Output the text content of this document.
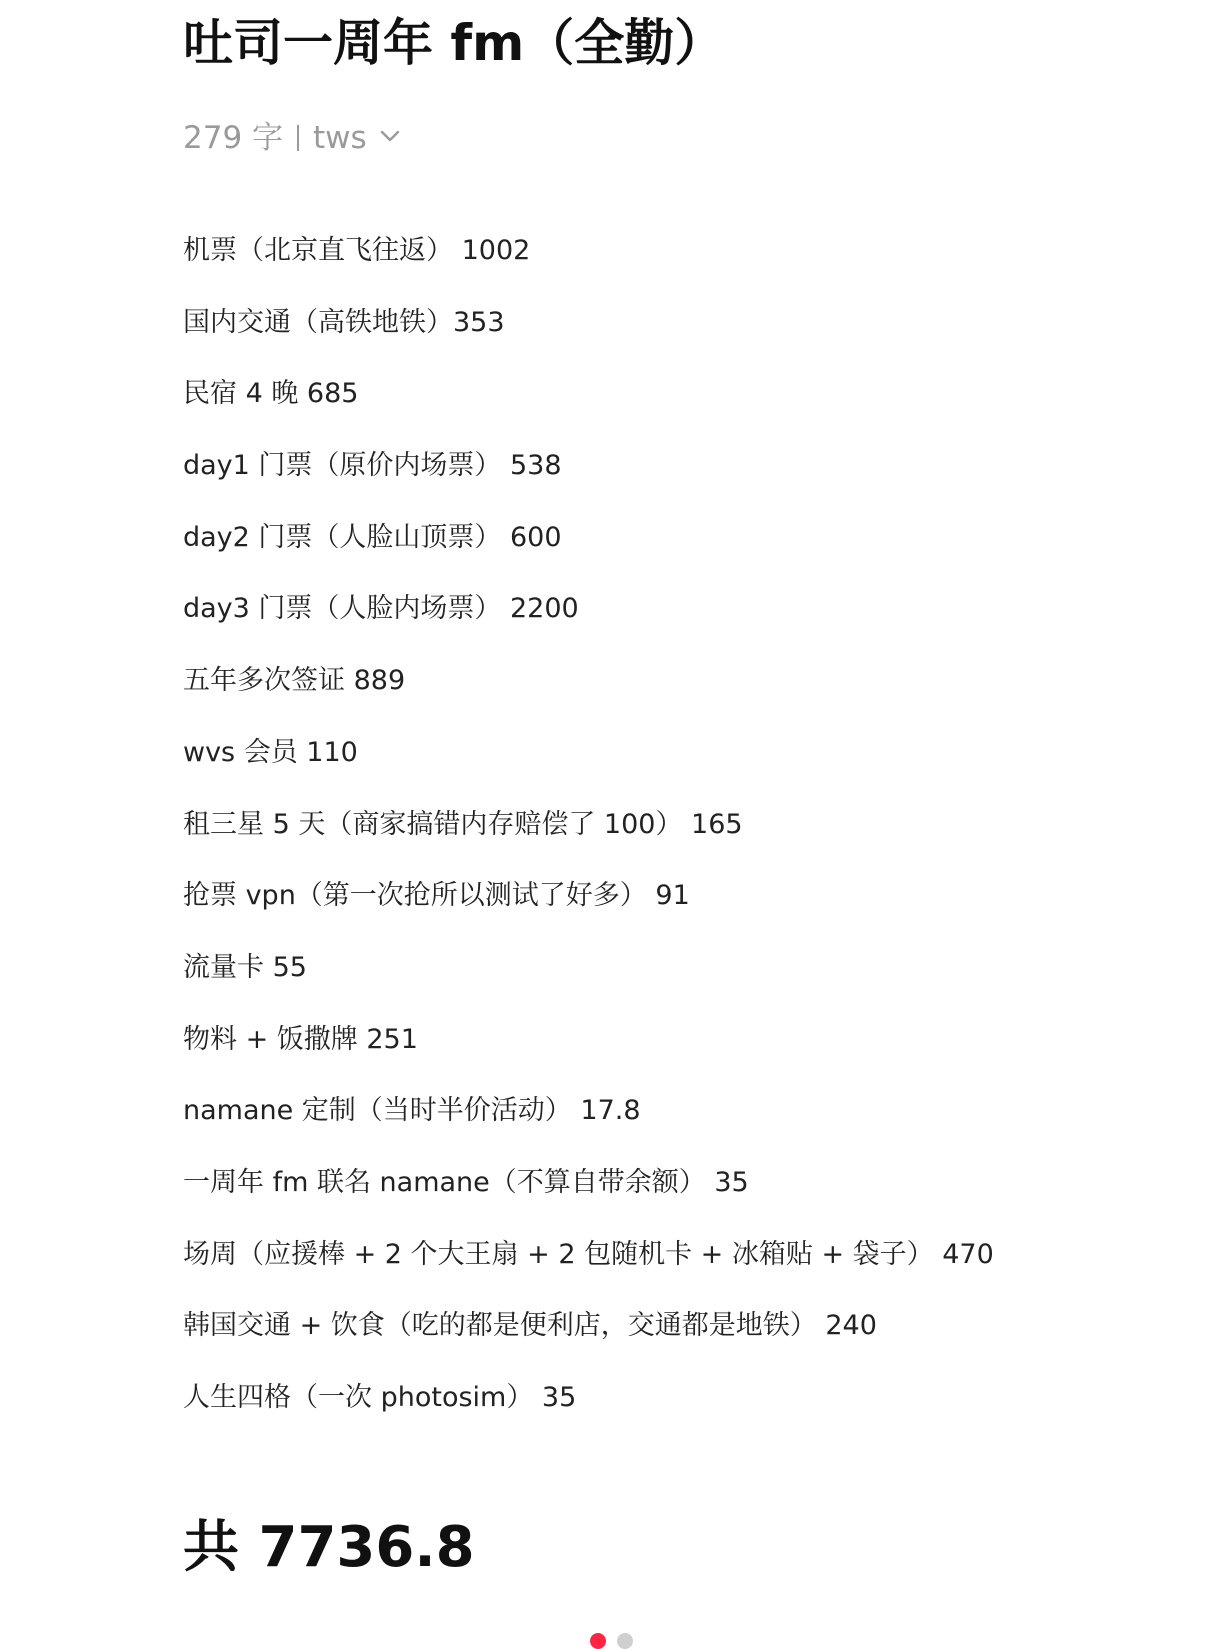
吐司一周年 fm（全勤）
279 字 tws
机票（北京直飞往返） 1002
国内交通（高铁地铁）353
民宿 4 晚 685
day1 门票（原价内场票） 538
day2 门票（人脸山顶票） 600
day3 门票（人脸内场票） 2200
五年多次签证 889
wvs 会员 110
租三星 5 天（商家搞错内存赔偿了 100） 165
抢票 vpn（第一次抢所以测试了好多） 91
流量卡 55
物料 + 饭撒牌 251
namane 定制（当时半价活动） 17.8
一周年 fm 联名 namane（不算自带余额） 35
场周（应援棒 + 2 个大王扇 + 2 包随机卡 + 冰箱贴 + 袋子） 470
韩国交通 + 饮食（吃的都是便利店，交通都是地铁） 240
人生四格（一次 photosim） 35
共 7736.8
